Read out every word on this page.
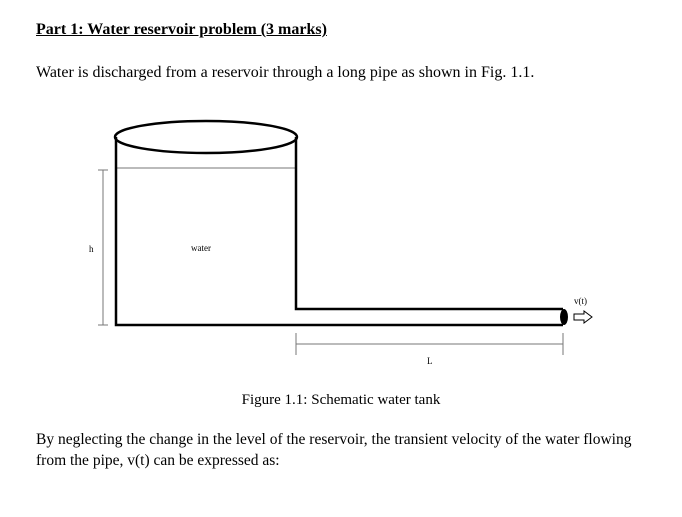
Part 1: Water reservoir problem (3 marks)
Water is discharged from a reservoir through a long pipe as shown in Fig. 1.1.
v(t)
h	water
L
Figure 1.1: Schematic water tank
By neglecting the change in the level of the reservoir, the transient velocity of the water flowing from the pipe, v(t) can be expressed as:
